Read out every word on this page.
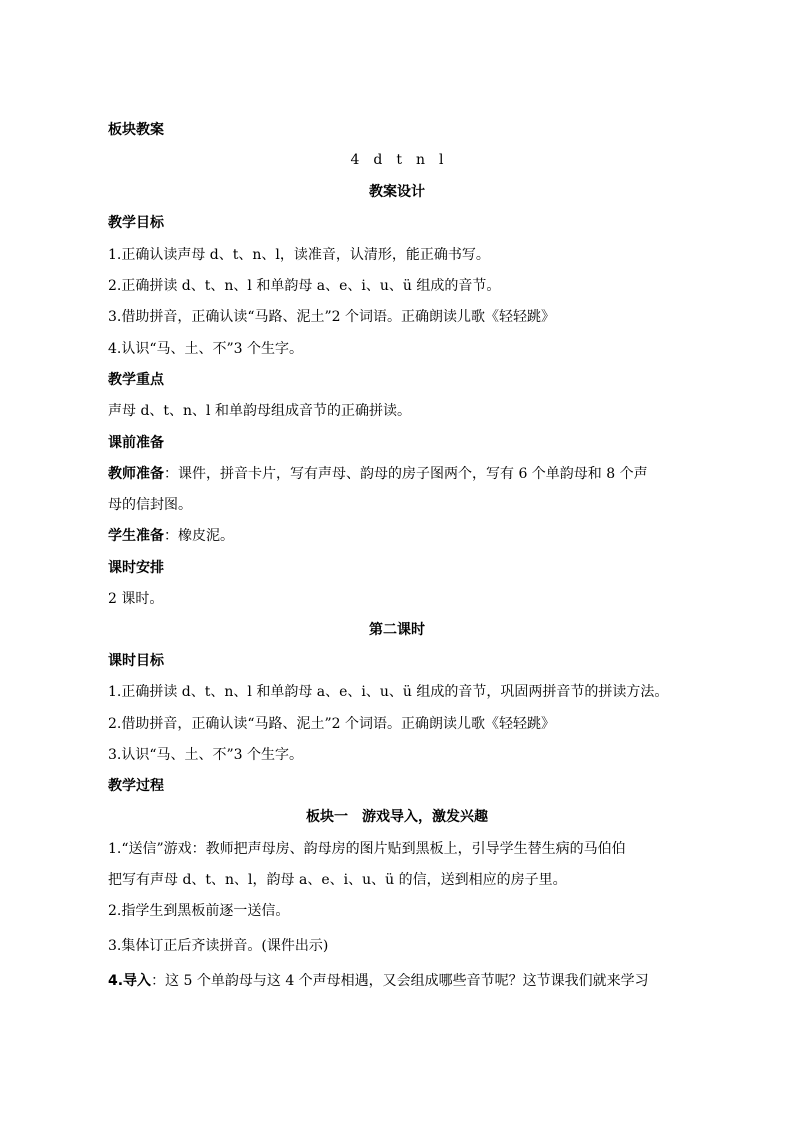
板块教案
4　d　t　n　l
教案设计
教学目标
1.正确认读声母 d、t、n、l，读准音，认清形，能正确书写。
2.正确拼读 d、t、n、l 和单韵母 a、e、i、u、ü 组成的音节。
3.借助拼音，正确认读“马路、泥土”2 个词语。正确朗读儿歌《轻轻跳》
4.认识“马、土、不”3 个生字。
教学重点
声母 d、t、n、l 和单韵母组成音节的正确拼读。
课前准备
教师准备：课件，拼音卡片，写有声母、韵母的房子图两个，写有 6 个单韵母和 8 个声
母的信封图。
学生准备：橡皮泥。
课时安排
2 课时。
第二课时
课时目标
1.正确拼读 d、t、n、l 和单韵母 a、e、i、u、ü 组成的音节，巩固两拼音节的拼读方法。
2.借助拼音，正确认读“马路、泥土”2 个词语。正确朗读儿歌《轻轻跳》
3.认识“马、土、不”3 个生字。
教学过程
板块一　游戏导入，激发兴趣
1.“送信”游戏：教师把声母房、韵母房的图片贴到黑板上，引导学生替生病的马伯伯
把写有声母 d、t、n、l，韵母 a、e、i、u、ü 的信，送到相应的房子里。
2.指学生到黑板前逐一送信。
3.集体订正后齐读拼音。(课件出示)
4.导入：这 5 个单韵母与这 4 个声母相遇，又会组成哪些音节呢？这节课我们就来学习
